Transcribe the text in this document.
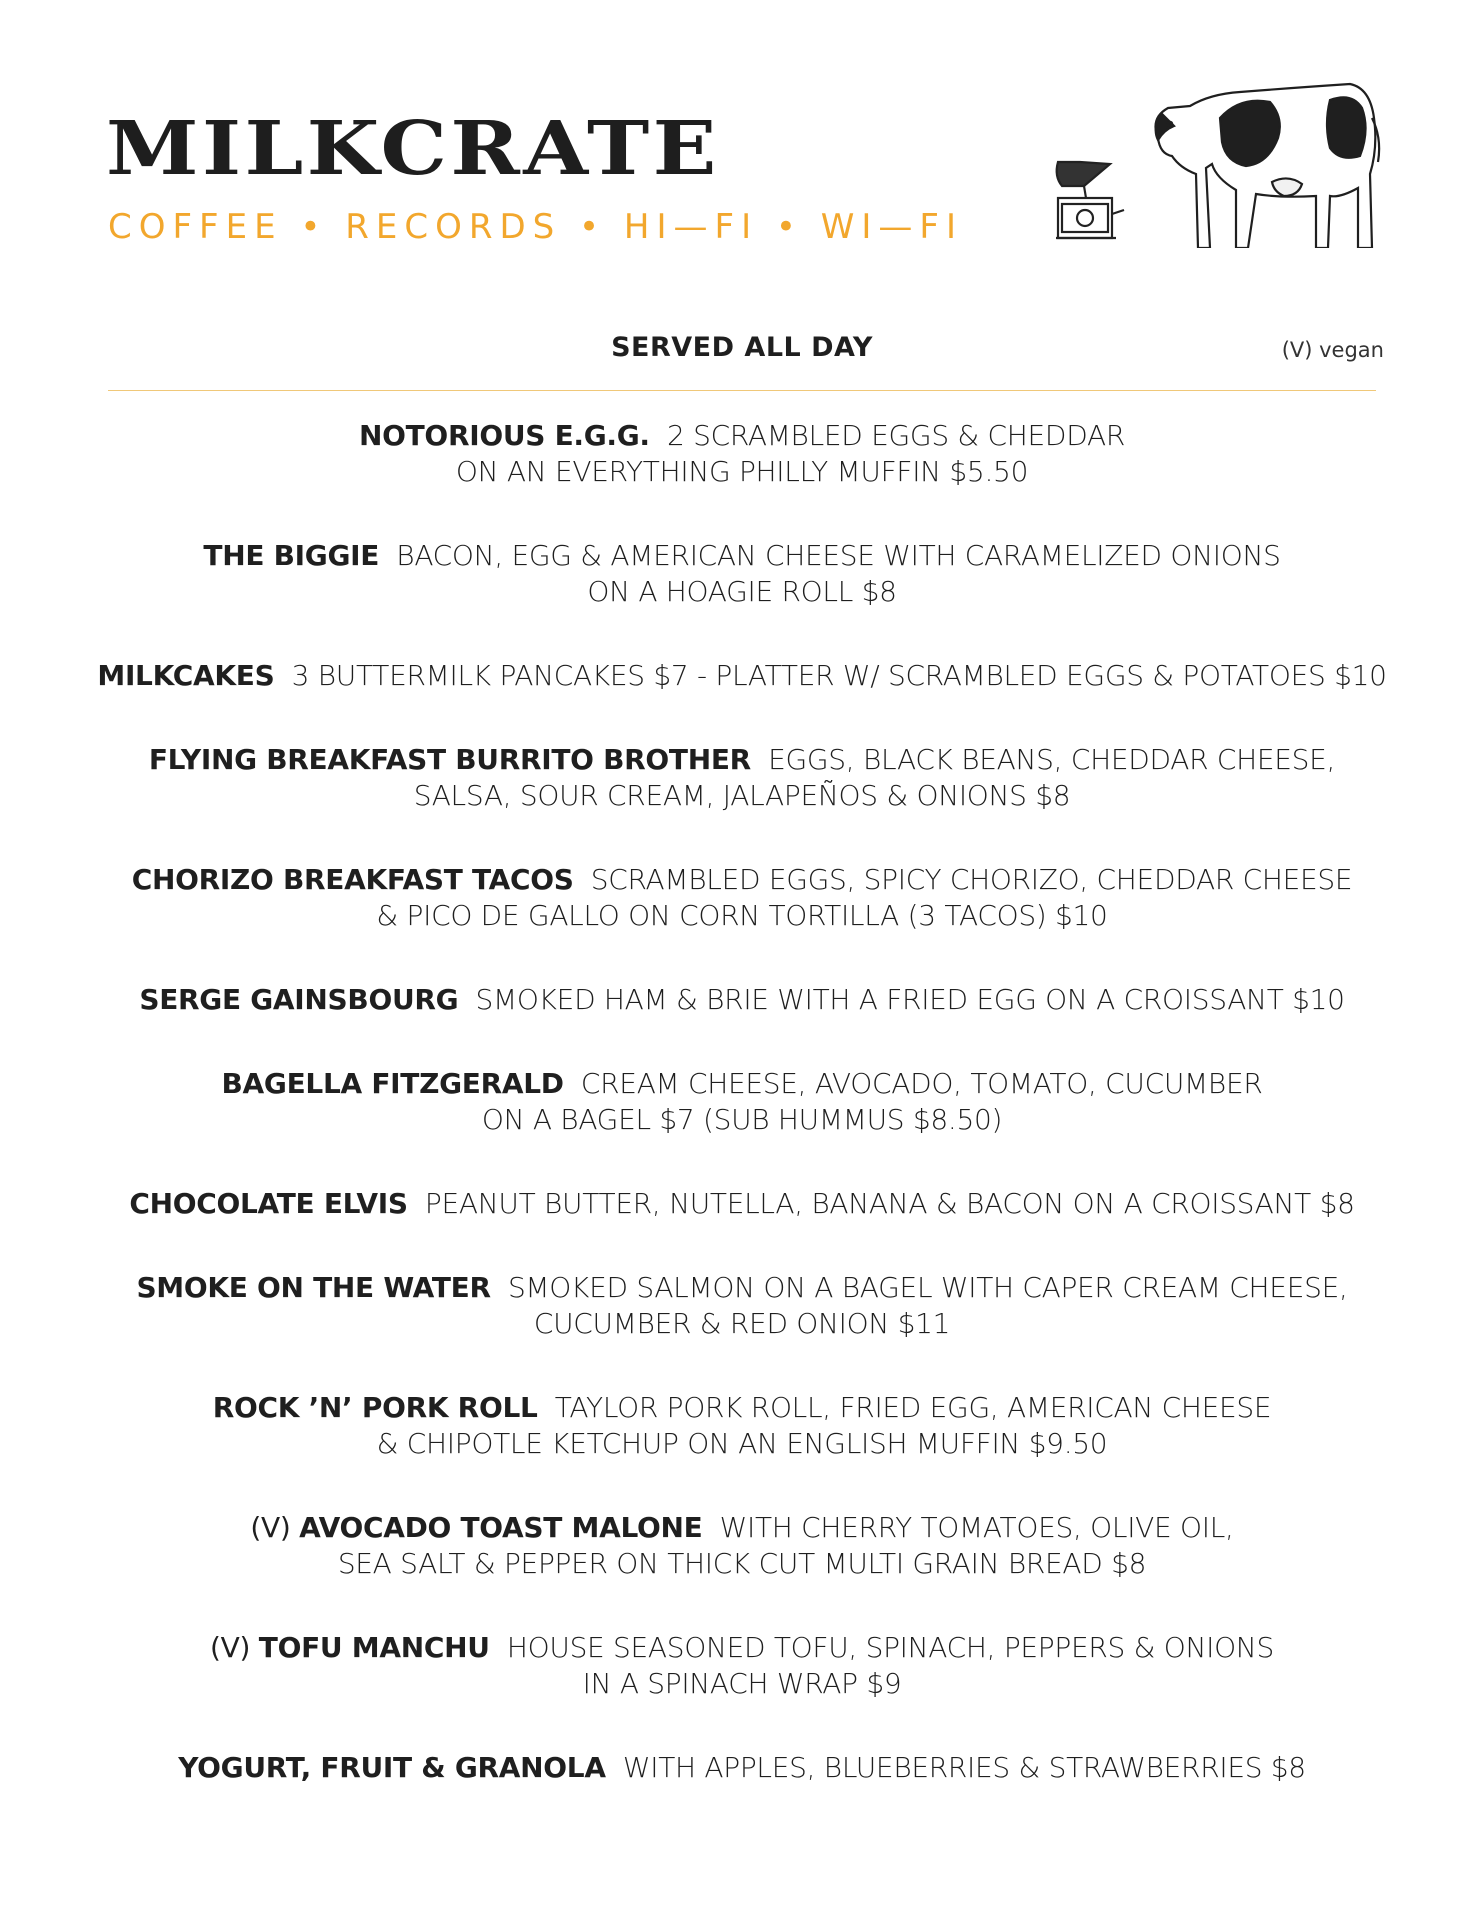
MILKCRATE
COFFEE • RECORDS • HI—FI • WI—FI
SERVED ALL DAY	(V) vegan
NOTORIOUS E.G.G. 2 SCRAMBLED EGGS & CHEDDAR
ON AN EVERYTHING PHILLY MUFFIN $5.50
THE BIGGIE BACON, EGG & AMERICAN CHEESE WITH CARAMELIZED ONIONS
ON A HOAGIE ROLL $8
MILKCAKES 3 BUTTERMILK PANCAKES $7 - PLATTER W/ SCRAMBLED EGGS & POTATOES $10
FLYING BREAKFAST BURRITO BROTHER EGGS, BLACK BEANS, CHEDDAR CHEESE,
SALSA, SOUR CREAM, JALAPEÑOS & ONIONS $8
CHORIZO BREAKFAST TACOS SCRAMBLED EGGS, SPICY CHORIZO, CHEDDAR CHEESE
& PICO DE GALLO ON CORN TORTILLA (3 TACOS) $10
SERGE GAINSBOURG SMOKED HAM & BRIE WITH A FRIED EGG ON A CROISSANT $10
BAGELLA FITZGERALD CREAM CHEESE, AVOCADO, TOMATO, CUCUMBER
ON A BAGEL $7 (SUB HUMMUS $8.50)
CHOCOLATE ELVIS PEANUT BUTTER, NUTELLA, BANANA & BACON ON A CROISSANT $8
SMOKE ON THE WATER SMOKED SALMON ON A BAGEL WITH CAPER CREAM CHEESE,
CUCUMBER & RED ONION $11
ROCK ’N’ PORK ROLL TAYLOR PORK ROLL, FRIED EGG, AMERICAN CHEESE
& CHIPOTLE KETCHUP ON AN ENGLISH MUFFIN $9.50
(V) AVOCADO TOAST MALONE WITH CHERRY TOMATOES, OLIVE OIL,
SEA SALT & PEPPER ON THICK CUT MULTI GRAIN BREAD $8
(V) TOFU MANCHU HOUSE SEASONED TOFU, SPINACH, PEPPERS & ONIONS
IN A SPINACH WRAP $9
YOGURT, FRUIT & GRANOLA WITH APPLES, BLUEBERRIES & STRAWBERRIES $8
